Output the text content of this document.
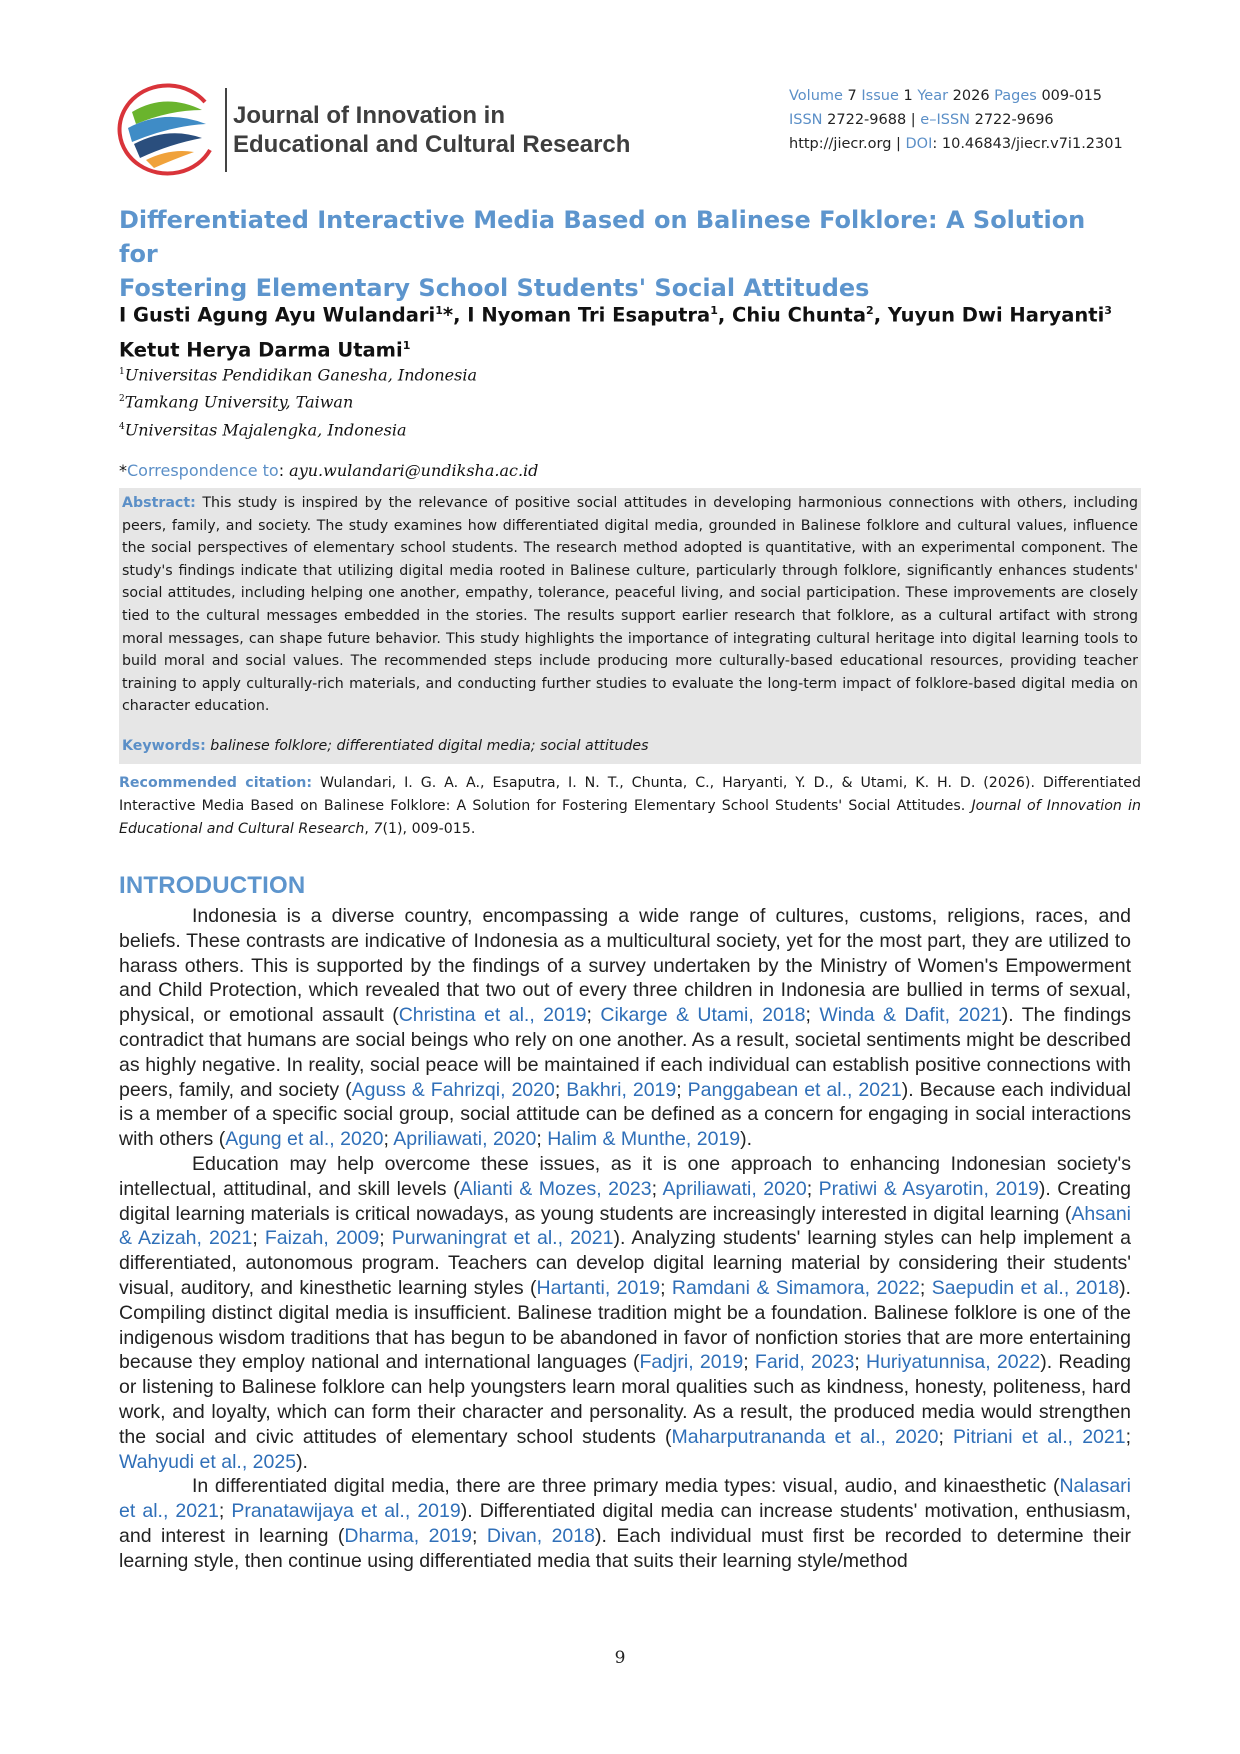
Journal of Innovation in
Educational and Cultural Research
Volume 7 Issue 1 Year 2026 Pages 009-015
ISSN 2722-9688 | e–ISSN 2722-9696
http://jiecr.org | DOI: 10.46843/jiecr.v7i1.2301
Differentiated Interactive Media Based on Balinese Folklore: A Solution for
Fostering Elementary School Students' Social Attitudes
I Gusti Agung Ayu Wulandari$^1$*, I Nyoman Tri Esaputra$^1$, Chiu Chunta$^2$, Yuyun Dwi Haryanti$^3$
Ketut Herya Darma Utami$^1$
$^1$Universitas Pendidikan Ganesha, Indonesia
$^2$Tamkang University, Taiwan
$^4$Universitas Majalengka, Indonesia
*Correspondence to: ayu.wulandari@undiksha.ac.id
Abstract: This study is inspired by the relevance of positive social attitudes in developing harmonious connections with others, including peers, family, and society. The study examines how differentiated digital media, grounded in Balinese folklore and cultural values, influence the social perspectives of elementary school students. The research method adopted is quantitative, with an experimental component. The study's findings indicate that utilizing digital media rooted in Balinese culture, particularly through folklore, significantly enhances students' social attitudes, including helping one another, empathy, tolerance, peaceful living, and social participation. These improvements are closely tied to the cultural messages embedded in the stories. The results support earlier research that folklore, as a cultural artifact with strong moral messages, can shape future behavior. This study highlights the importance of integrating cultural heritage into digital learning tools to build moral and social values. The recommended steps include producing more culturally-based educational resources, providing teacher training to apply culturally-rich materials, and conducting further studies to evaluate the long-term impact of folklore-based digital media on character education.
Keywords: balinese folklore; differentiated digital media; social attitudes
Recommended citation: Wulandari, I. G. A. A., Esaputra, I. N. T., Chunta, C., Haryanti, Y. D., & Utami, K. H. D. (2026). Differentiated Interactive Media Based on Balinese Folklore: A Solution for Fostering Elementary School Students' Social Attitudes. Journal of Innovation in Educational and Cultural Research, 7(1), 009-015.
INTRODUCTION

Indonesia is a diverse country, encompassing a wide range of cultures, customs, religions, races, and beliefs. These contrasts are indicative of Indonesia as a multicultural society, yet for the most part, they are utilized to harass others. This is supported by the findings of a survey undertaken by the Ministry of Women's Empowerment and Child Protection, which revealed that two out of every three children in Indonesia are bullied in terms of sexual, physical, or emotional assault (Christina et al., 2019; Cikarge & Utami, 2018; Winda & Dafit, 2021). The findings contradict that humans are social beings who rely on one another. As a result, societal sentiments might be described as highly negative. In reality, social peace will be maintained if each individual can establish positive connections with peers, family, and society (Aguss & Fahrizqi, 2020; Bakhri, 2019; Panggabean et al., 2021). Because each individual is a member of a specific social group, social attitude can be defined as a concern for engaging in social interactions with others (Agung et al., 2020; Apriliawati, 2020; Halim & Munthe, 2019).

Education may help overcome these issues, as it is one approach to enhancing Indonesian society's intellectual, attitudinal, and skill levels (Alianti & Mozes, 2023; Apriliawati, 2020; Pratiwi & Asyarotin, 2019). Creating digital learning materials is critical nowadays, as young students are increasingly interested in digital learning (Ahsani & Azizah, 2021; Faizah, 2009; Purwaningrat et al., 2021). Analyzing students' learning styles can help implement a differentiated, autonomous program. Teachers can develop digital learning material by considering their students' visual, auditory, and kinesthetic learning styles (Hartanti, 2019; Ramdani & Simamora, 2022; Saepudin et al., 2018). Compiling distinct digital media is insufficient. Balinese tradition might be a foundation. Balinese folklore is one of the indigenous wisdom traditions that has begun to be abandoned in favor of nonfiction stories that are more entertaining because they employ national and international languages (Fadjri, 2019; Farid, 2023; Huriyatunnisa, 2022). Reading or listening to Balinese folklore can help youngsters learn moral qualities such as kindness, honesty, politeness, hard work, and loyalty, which can form their character and personality. As a result, the produced media would strengthen the social and civic attitudes of elementary school students (Maharputrananda et al., 2020; Pitriani et al., 2021; Wahyudi et al., 2025).

In differentiated digital media, there are three primary media types: visual, audio, and kinaesthetic (Nalasari et al., 2021; Pranatawijaya et al., 2019). Differentiated digital media can increase students' motivation, enthusiasm, and interest in learning (Dharma, 2019; Divan, 2018). Each individual must first be recorded to determine their learning style, then continue using differentiated media that suits their learning style/method

9
